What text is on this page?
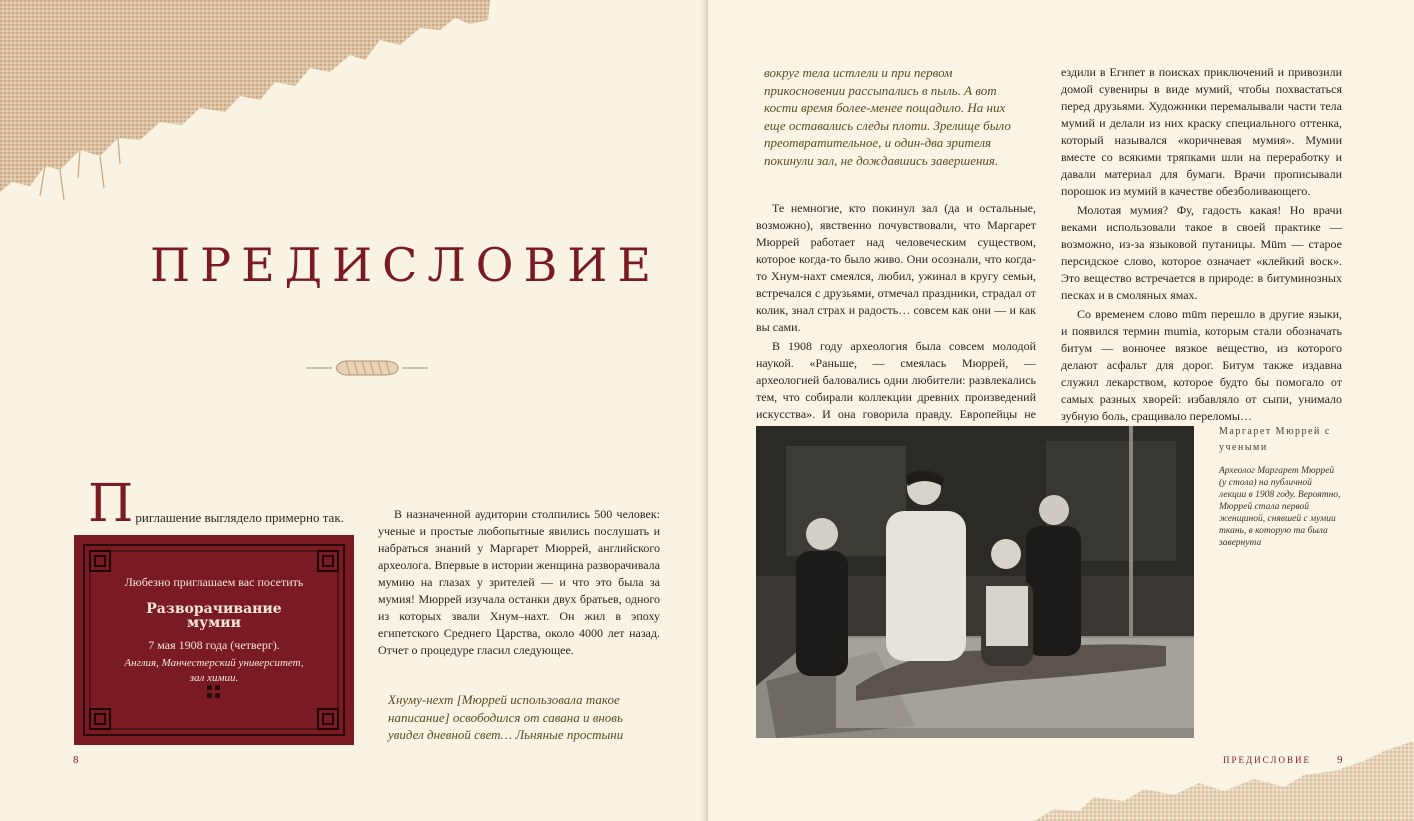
ПРЕДИСЛОВИЕ
П риглашение выглядело примерно так.

Любезно приглашаем вас посетить

Разворачивание мумии

7 мая 1908 года (четверг).

Англия, Манчестерский университет, зал химии.

В назначенной аудитории столпились 500 человек: ученые и простые любопытные явились послушать и набраться знаний у Маргарет Мюррей, английского археолога. Впервые в истории женщина разворачивала мумию на глазах у зрителей — и что это была за мумия! Мюррей изучала останки двух братьев, одного из которых звали Хнум–нахт. Он жил в эпоху египетского Среднего Царства, около 4000 лет назад. Отчет о процедуре гласил следующее.

Хнуму-нехт [Мюррей использовала такое написание] освободился от савана и вновь увидел дневной свет… Льняные простыни
8
вокруг тела истлели и при первом прикосновении рассыпались в пыль. А вот кости время более-менее пощадило. На них еще оставались следы плоти. Зрелище было преотвратительное, и один-два зрителя покинули зал, не дождавшись завершения.

Те немногие, кто покинул зал (да и остальные, возможно), явственно почувствовали, что Маргарет Мюррей работает над человеческим существом, которое когда-то было живо. Они осознали, что когда-то Хнум-нахт смеялся, любил, ужинал в кругу семьи, встречался с друзьями, отмечал праздники, страдал от колик, знал страх и радость… совсем как они — и как вы сами.

В 1908 году археология была совсем молодой наукой. «Раньше, — смеялась Мюррей, — археологией баловались одни любители: развлекались тем, что собирали коллекции древних произведений искусства». И она говорила правду. Европейцы не

ездили в Египет в поисках приключений и привозили домой сувениры в виде мумий, чтобы похвастаться перед друзьями. Художники перемалывали части тела мумий и делали из них краску специального оттенка, который назывался «коричневая мумия». Мумии вместе со всякими тряпками шли на переработку и давали материал для бумаги. Врачи прописывали порошок из мумий в качестве обезболивающего.

Молотая мумия? Фу, гадость какая! Но врачи веками использовали такое в своей практике — возможно, из-за языковой путаницы. Mūm — старое персидское слово, которое означает «клейкий воск». Это вещество встречается в природе: в битуминозных песках и в смоляных ямах.

Со временем слово mūm перешло в другие языки, и появился термин mumia, которым стали обозначать битум — вонючее вязкое вещество, из которого делают асфальт для дорог. Битум также издавна служил лекарством, которое будто бы помогало от самых разных хворей: избавляло от сыпи, унимало зубную боль, сращивало переломы…

Маргарет Мюррей с учеными
Археолог Маргарет Мюррей (у стола) на публичной лекции в 1908 году. Вероятно, Мюррей стала первой женщиной, снявшей с мумии ткань, в которую та была завернута
ПРЕДИСЛОВИЕ 9
